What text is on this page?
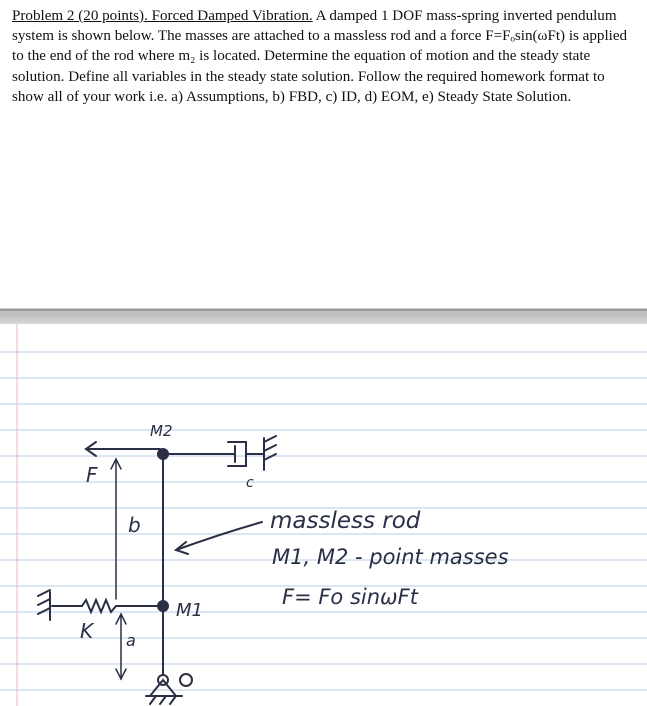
Problem 2 (20 points). Forced Damped Vibration. A damped 1 DOF mass-spring inverted pendulum system is shown below. The masses are attached to a massless rod and a force F=Fₒsin(ωFt) is applied to the end of the rod where m₂ is located. Determine the equation of motion and the steady state solution. Define all variables in the steady state solution. Follow the required homework format to show all of your work i.e. a) Assumptions, b) FBD, c) ID, d) EOM, e) Steady State Solution.
M2
M1
F
K
c
b
a
massless rod
M1, M2 - point masses
F= Fo sinωFt
